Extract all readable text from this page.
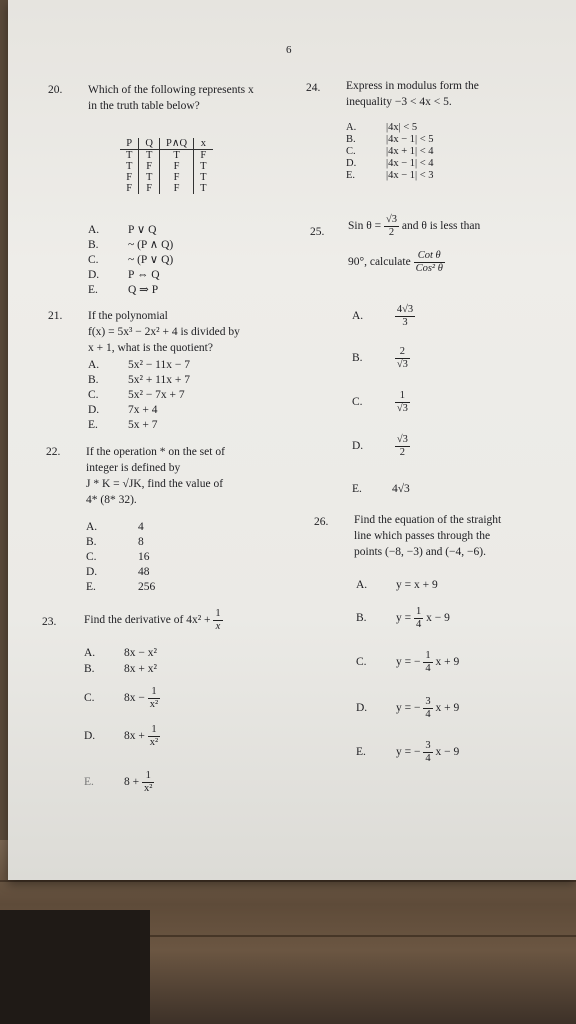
6
20. Which of the following represents x in the truth table below?
P	Q	P∧Q	x
T	T	T	F
T	F	F	T
F	T	F	T
F	F	F	T
A.	P ∨ Q
B.	~ (P ∧ Q)
C.	~ (P ∨ Q)
D.	P ⇔ Q
E.	Q ⇒ P
21. If the polynomial
f(x) = 5x³ − 2x² + 4 is divided by
x + 1, what is the quotient?
A.	5x² − 11x − 7
B.	5x² + 11x + 7
C.	5x² − 7x + 7
D.	7x + 4
E.	5x + 7
22. If the operation * on the set of
integer is defined by
J * K = √JK, find the value of
4* (8* 32).
A.	4
B.	8
C.	16
D.	48
E.	256
23. Find the derivative of $4x^2 + \frac{1}{x}$
A.	8x − x²
B.	8x + x²
C.	$8x - \frac{1}{\text{x²}}$
D.	$8x + \frac{1}{\text{x²}}$
E.	$8 + \frac{1}{\text{x²}}$
24. Express in modulus form the
inequality −3 < 4x < 5.
A.	|4x| < 5
B.	|4x − 1| < 5
C.	|4x + 1| < 4
D.	|4x − 1| < 4
E.	|4x − 1| < 3
25. Sin $\theta = \frac{√3}{2}$ and θ is less than
90°, calculate $\frac{\text{Cot θ}}{\text{Cos² θ}}$
A.	$\frac{4√3}{3}$
B.	$\frac{2}{√3}$
C.	$\frac{1}{√3}$
D.	$\frac{√3}{2}$
E.	4√3
26. Find the equation of the straight
line which passes through the
points (−8, −3) and (−4, −6).
A.	y = x + 9
B.	$y = \frac{1}{4}$ x − 9
C.	y = − $\frac{1}{4}$ x + 9
D.	y = − $\frac{3}{4}$ x + 9
E.	y = − $\frac{3}{4}$ x − 9
